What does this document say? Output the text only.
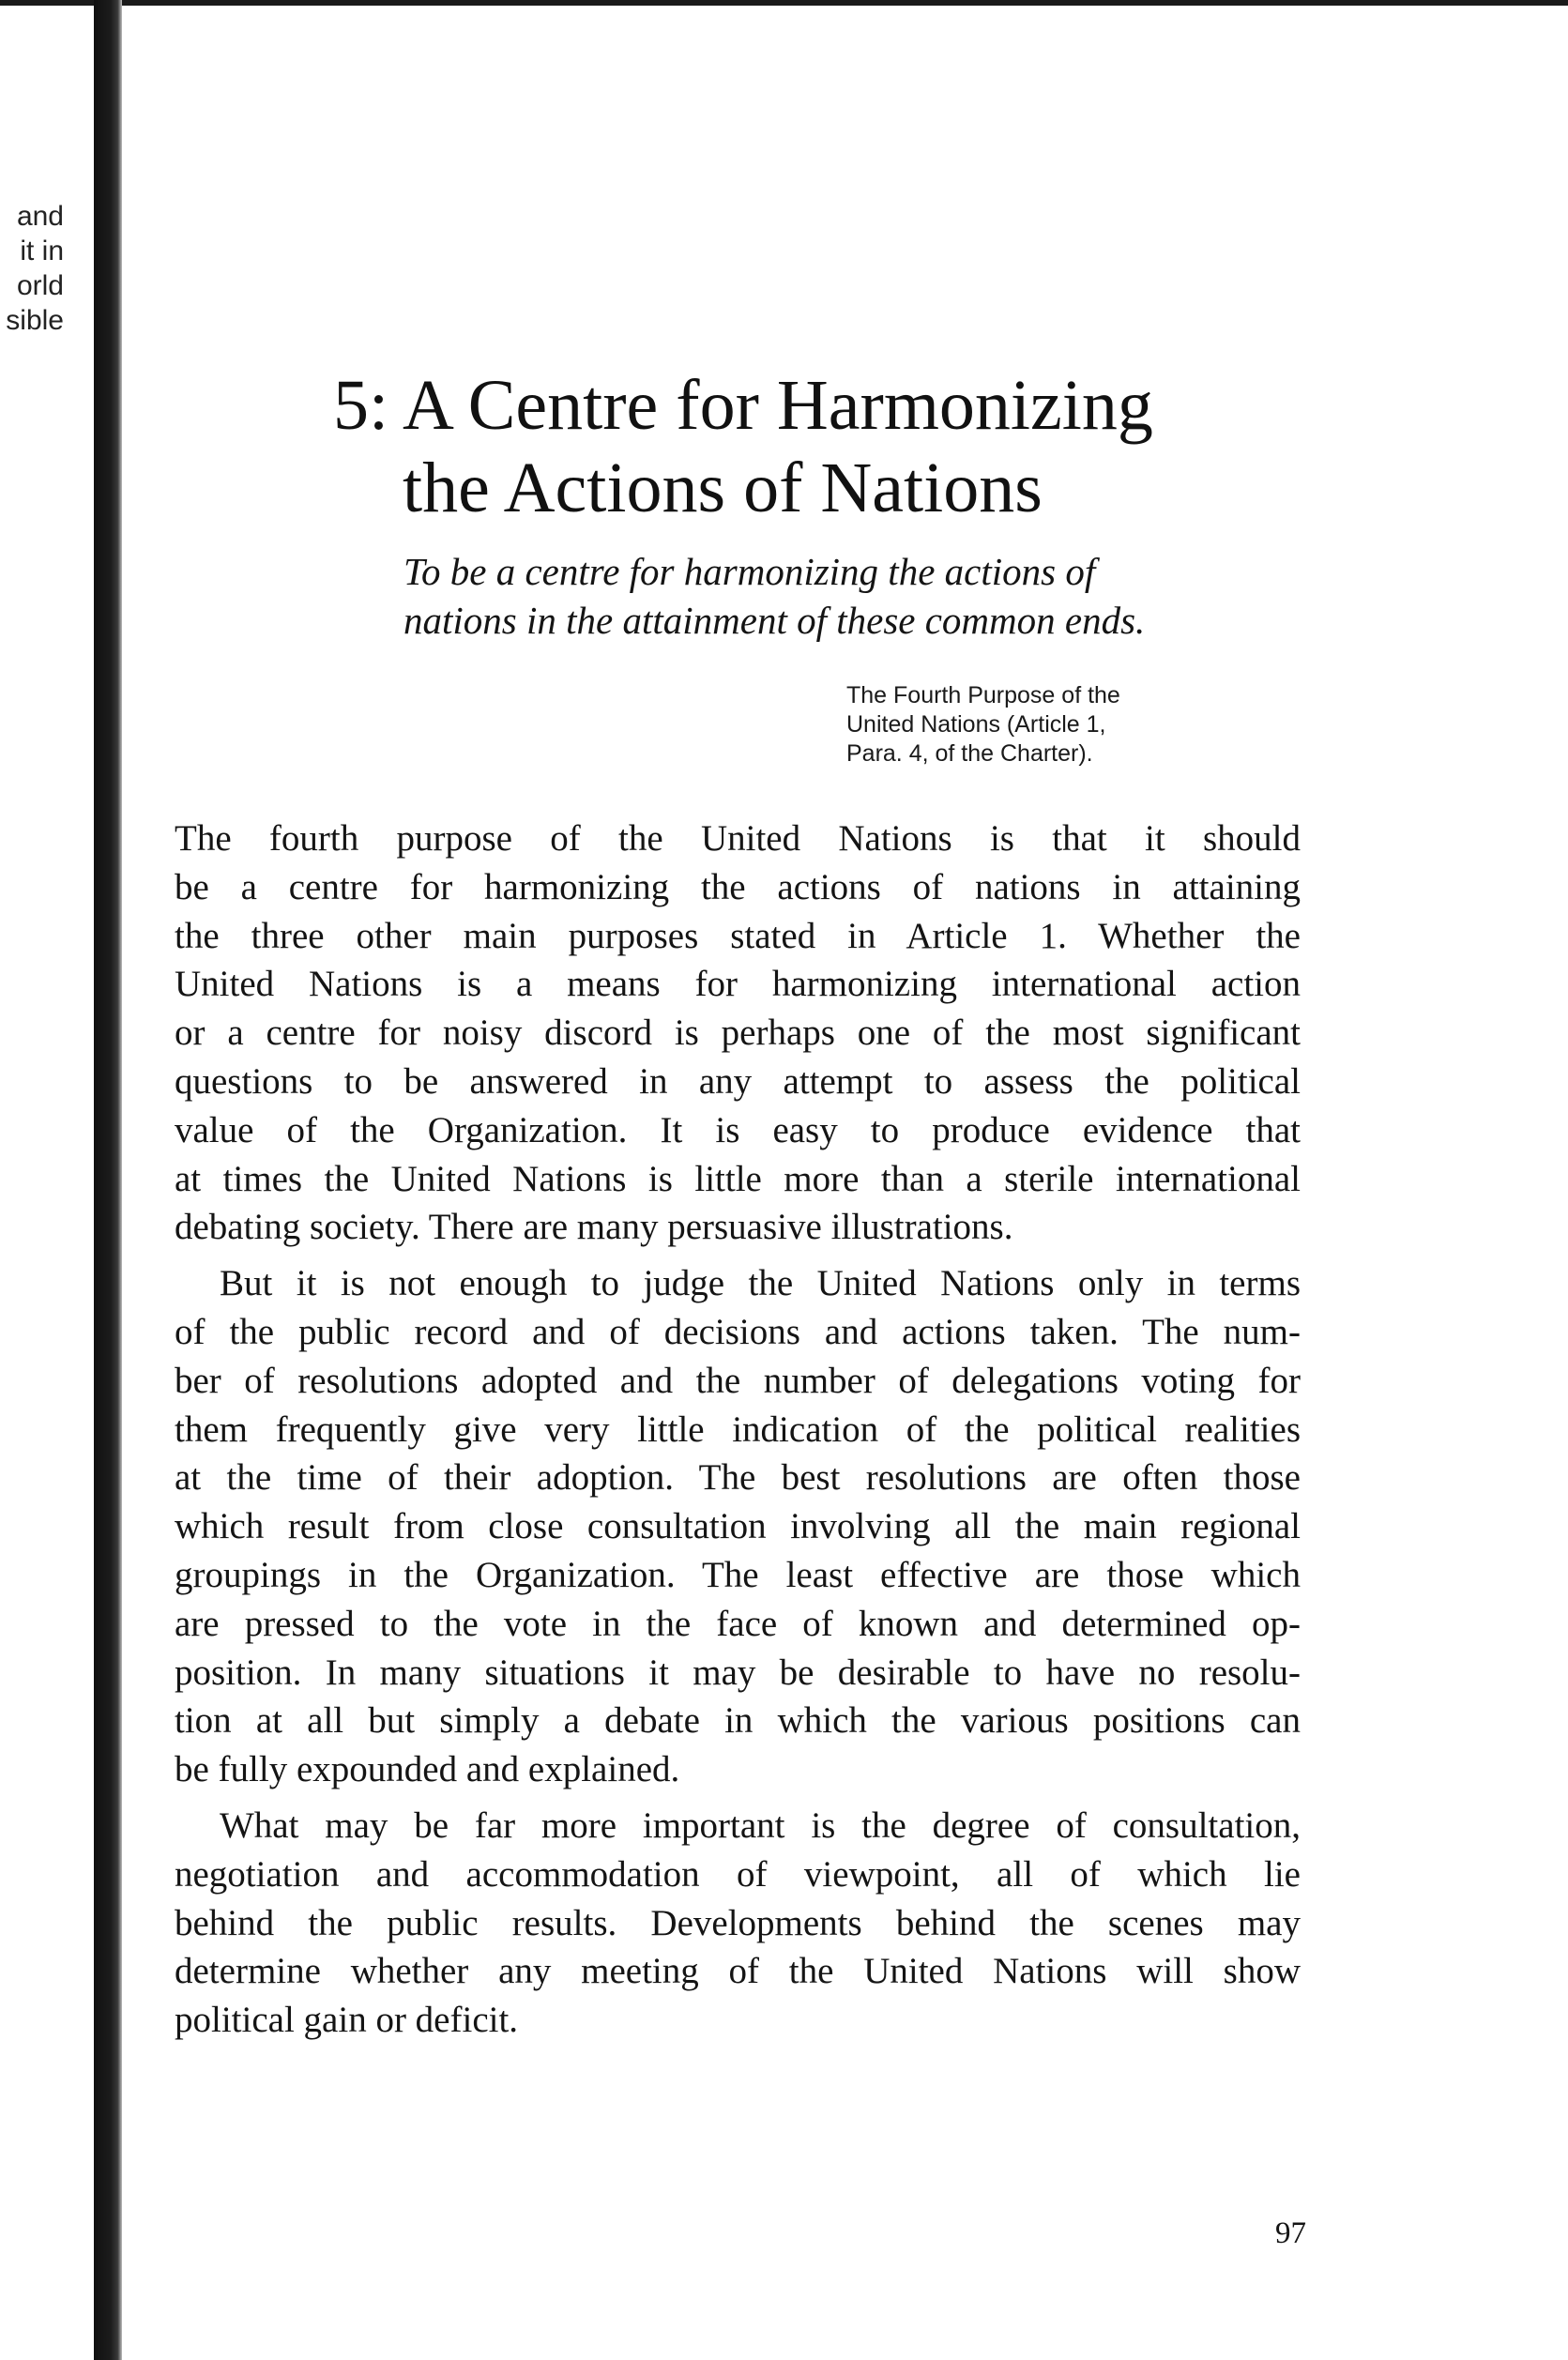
and
it in
orld
sible
5: A Centre for Harmonizing
the Actions of Nations
To be a centre for harmonizing the actions of
nations in the attainment of these common ends.
The Fourth Purpose of the
United Nations (Article 1,
Para. 4, of the Charter).
The fourth purpose of the United Nations is that it should
be a centre for harmonizing the actions of nations in attaining
the three other main purposes stated in Article 1. Whether the
United Nations is a means for harmonizing international action
or a centre for noisy discord is perhaps one of the most significant
questions to be answered in any attempt to assess the political
value of the Organization. It is easy to produce evidence that
at times the United Nations is little more than a sterile international
debating society. There are many persuasive illustrations.
But it is not enough to judge the United Nations only in terms
of the public record and of decisions and actions taken. The num-
ber of resolutions adopted and the number of delegations voting for
them frequently give very little indication of the political realities
at the time of their adoption. The best resolutions are often those
which result from close consultation involving all the main regional
groupings in the Organization. The least effective are those which
are pressed to the vote in the face of known and determined op-
position. In many situations it may be desirable to have no resolu-
tion at all but simply a debate in which the various positions can
be fully expounded and explained.
What may be far more important is the degree of consultation,
negotiation and accommodation of viewpoint, all of which lie
behind the public results. Developments behind the scenes may
determine whether any meeting of the United Nations will show
political gain or deficit.
97
